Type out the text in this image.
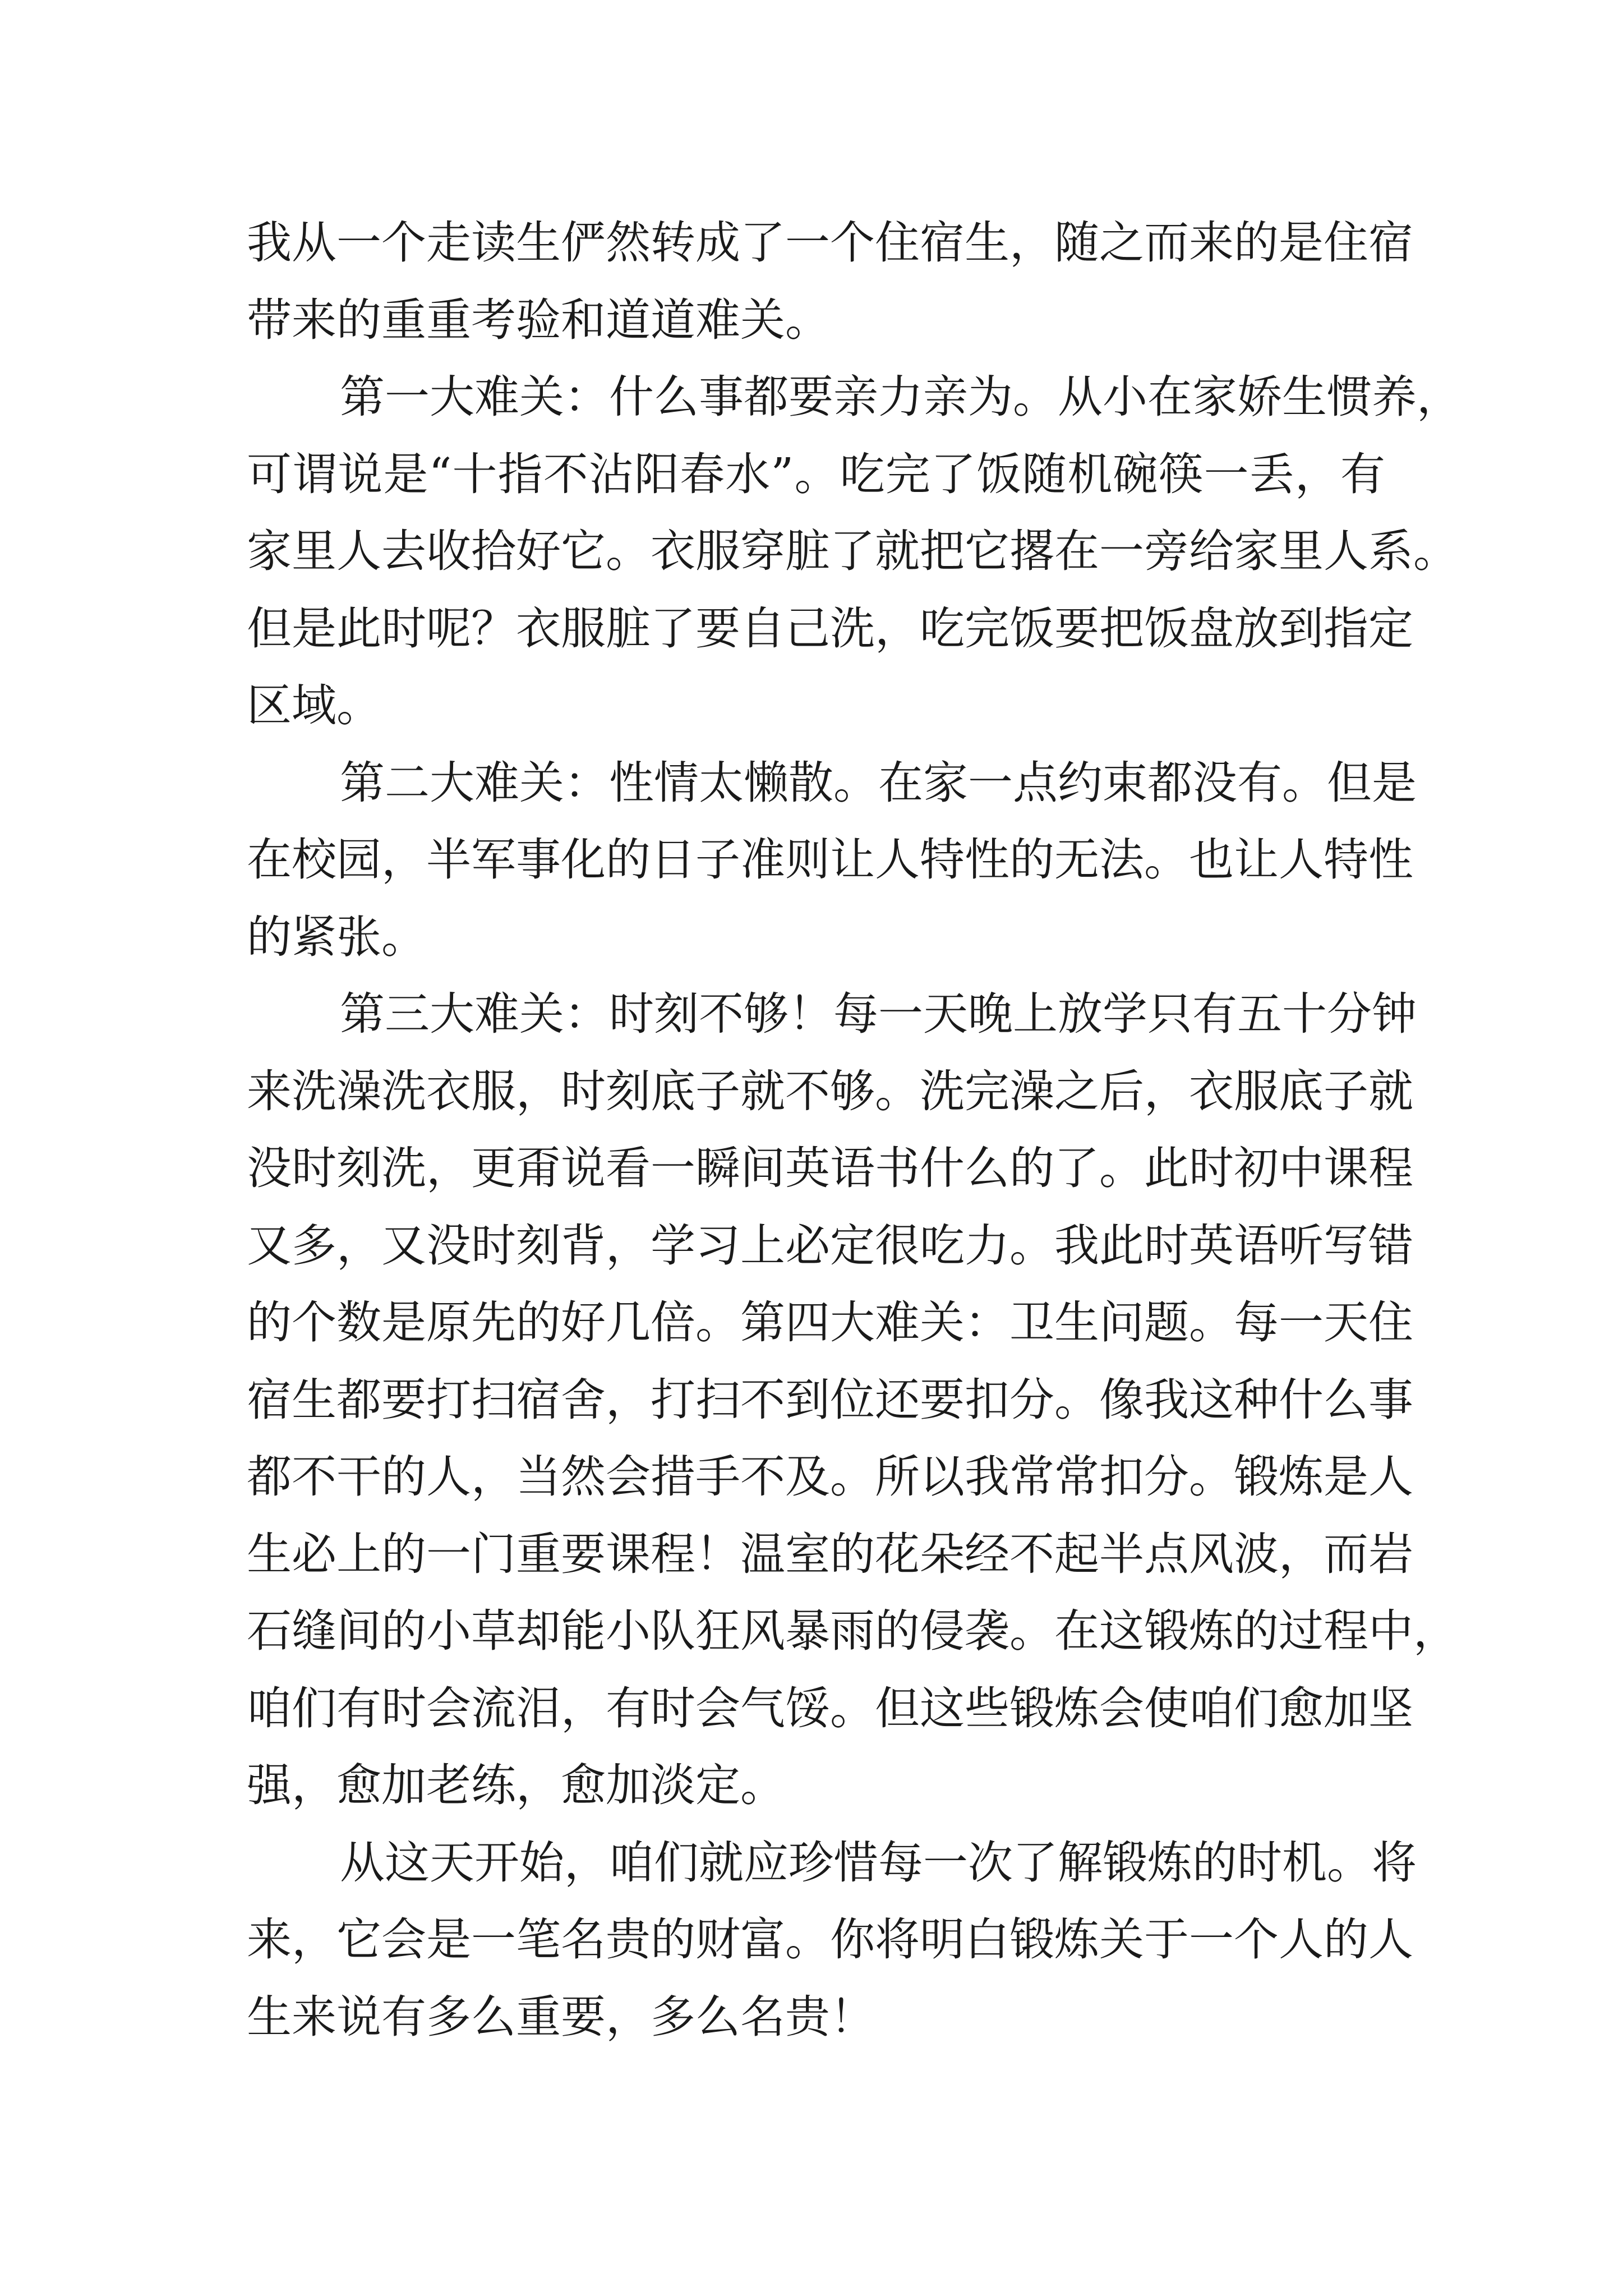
我从一个走读生俨然转成了一个住宿生，随之而来的是住宿
带来的重重考验和道道难关。
第一大难关：什么事都要亲力亲为。从小在家娇生惯养，
可谓说是“十指不沾阳春水”。吃完了饭随机碗筷一丢，有
家里人去收拾好它。衣服穿脏了就把它撂在一旁给家里人系。
但是此时呢？衣服脏了要自己洗，吃完饭要把饭盘放到指定
区域。
第二大难关：性情太懒散。在家一点约束都没有。但是
在校园，半军事化的日子准则让人特性的无法。也让人特性
的紧张。
第三大难关：时刻不够！每一天晚上放学只有五十分钟
来洗澡洗衣服，时刻底子就不够。洗完澡之后，衣服底子就
没时刻洗，更甭说看一瞬间英语书什么的了。此时初中课程
又多，又没时刻背，学习上必定很吃力。我此时英语听写错
的个数是原先的好几倍。第四大难关：卫生问题。每一天住
宿生都要打扫宿舍，打扫不到位还要扣分。像我这种什么事
都不干的人，当然会措手不及。所以我常常扣分。锻炼是人
生必上的一门重要课程！温室的花朵经不起半点风波，而岩
石缝间的小草却能小队狂风暴雨的侵袭。在这锻炼的过程中，
咱们有时会流泪，有时会气馁。但这些锻炼会使咱们愈加坚
强，愈加老练，愈加淡定。
从这天开始，咱们就应珍惜每一次了解锻炼的时机。将
来，它会是一笔名贵的财富。你将明白锻炼关于一个人的人
生来说有多么重要，多么名贵！
